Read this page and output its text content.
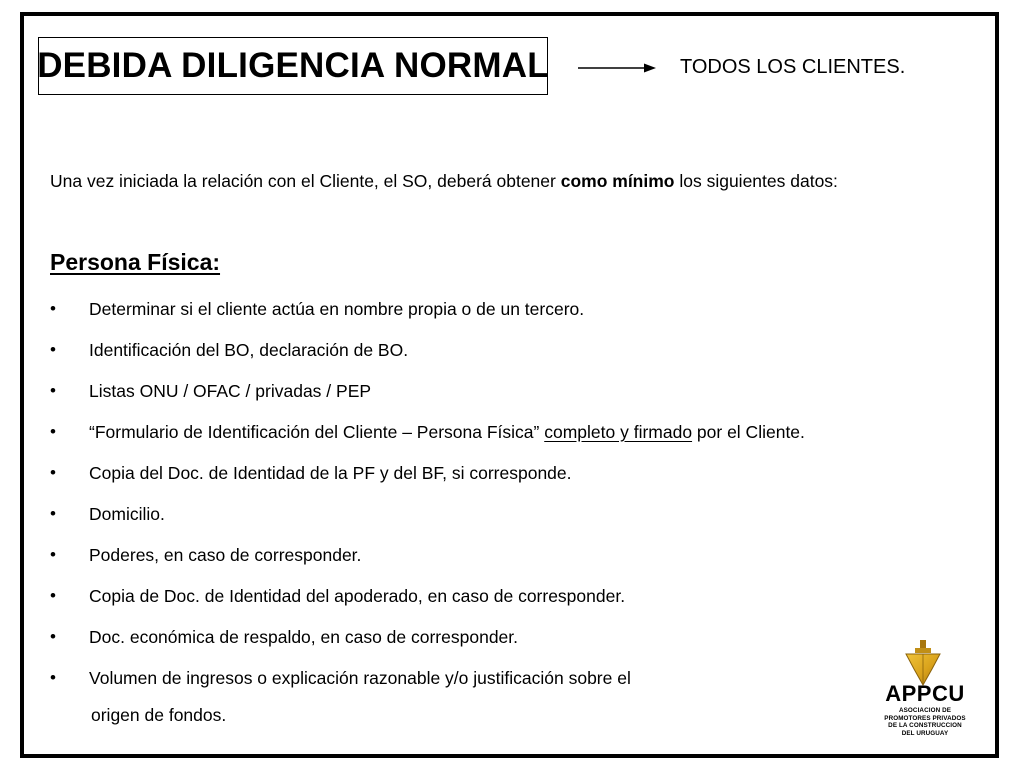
DEBIDA DILIGENCIA NORMAL	TODOS LOS CLIENTES.

Una vez iniciada la relación con el Cliente, el SO, deberá obtener como mínimo los siguientes datos:

Persona Física:
•	Determinar si el cliente actúa en nombre propia o de un tercero.
•	Identificación del BO, declaración de BO.
•	Listas ONU / OFAC / privadas / PEP
•	“Formulario de Identificación del Cliente – Persona Física” completo y firmado por el Cliente.
•	Copia del Doc. de Identidad de la PF y del BF, si corresponde.
•	Domicilio.
•	Poderes, en caso de corresponder.
•	Copia de Doc. de Identidad del apoderado, en caso de corresponder.
•	Doc. económica de respaldo, en caso de corresponder.
•	Volumen de ingresos o explicación razonable y/o justificación sobre el
origen de fondos.
APPCU
ASOCIACION DE
PROMOTORES PRIVADOS
DE LA CONSTRUCCION
DEL URUGUAY
